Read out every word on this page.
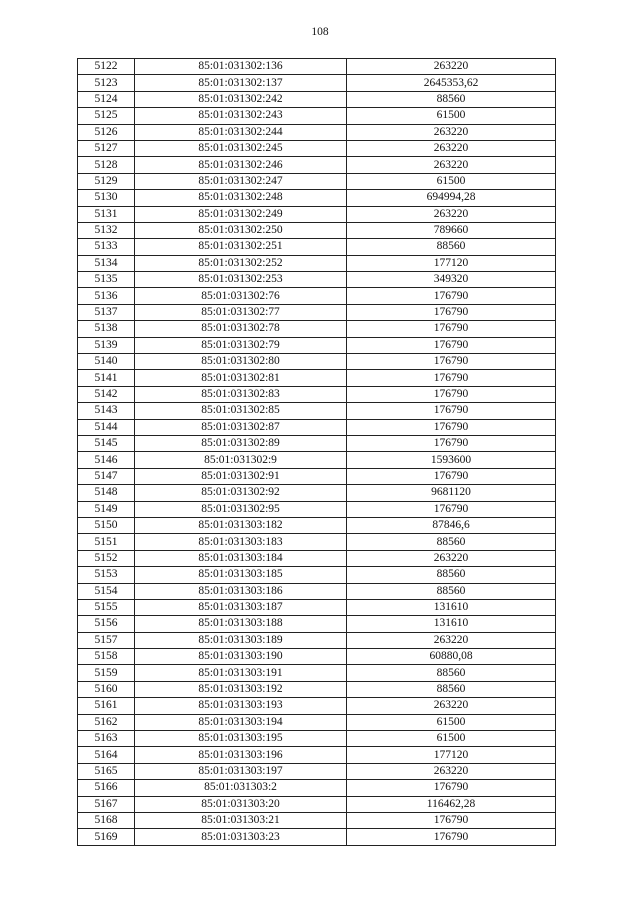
108
5122	85:01:031302:136	263220
5123	85:01:031302:137	2645353,62
5124	85:01:031302:242	88560
5125	85:01:031302:243	61500
5126	85:01:031302:244	263220
5127	85:01:031302:245	263220
5128	85:01:031302:246	263220
5129	85:01:031302:247	61500
5130	85:01:031302:248	694994,28
5131	85:01:031302:249	263220
5132	85:01:031302:250	789660
5133	85:01:031302:251	88560
5134	85:01:031302:252	177120
5135	85:01:031302:253	349320
5136	85:01:031302:76	176790
5137	85:01:031302:77	176790
5138	85:01:031302:78	176790
5139	85:01:031302:79	176790
5140	85:01:031302:80	176790
5141	85:01:031302:81	176790
5142	85:01:031302:83	176790
5143	85:01:031302:85	176790
5144	85:01:031302:87	176790
5145	85:01:031302:89	176790
5146	85:01:031302:9	1593600
5147	85:01:031302:91	176790
5148	85:01:031302:92	9681120
5149	85:01:031302:95	176790
5150	85:01:031303:182	87846,6
5151	85:01:031303:183	88560
5152	85:01:031303:184	263220
5153	85:01:031303:185	88560
5154	85:01:031303:186	88560
5155	85:01:031303:187	131610
5156	85:01:031303:188	131610
5157	85:01:031303:189	263220
5158	85:01:031303:190	60880,08
5159	85:01:031303:191	88560
5160	85:01:031303:192	88560
5161	85:01:031303:193	263220
5162	85:01:031303:194	61500
5163	85:01:031303:195	61500
5164	85:01:031303:196	177120
5165	85:01:031303:197	263220
5166	85:01:031303:2	176790
5167	85:01:031303:20	116462,28
5168	85:01:031303:21	176790
5169	85:01:031303:23	176790
